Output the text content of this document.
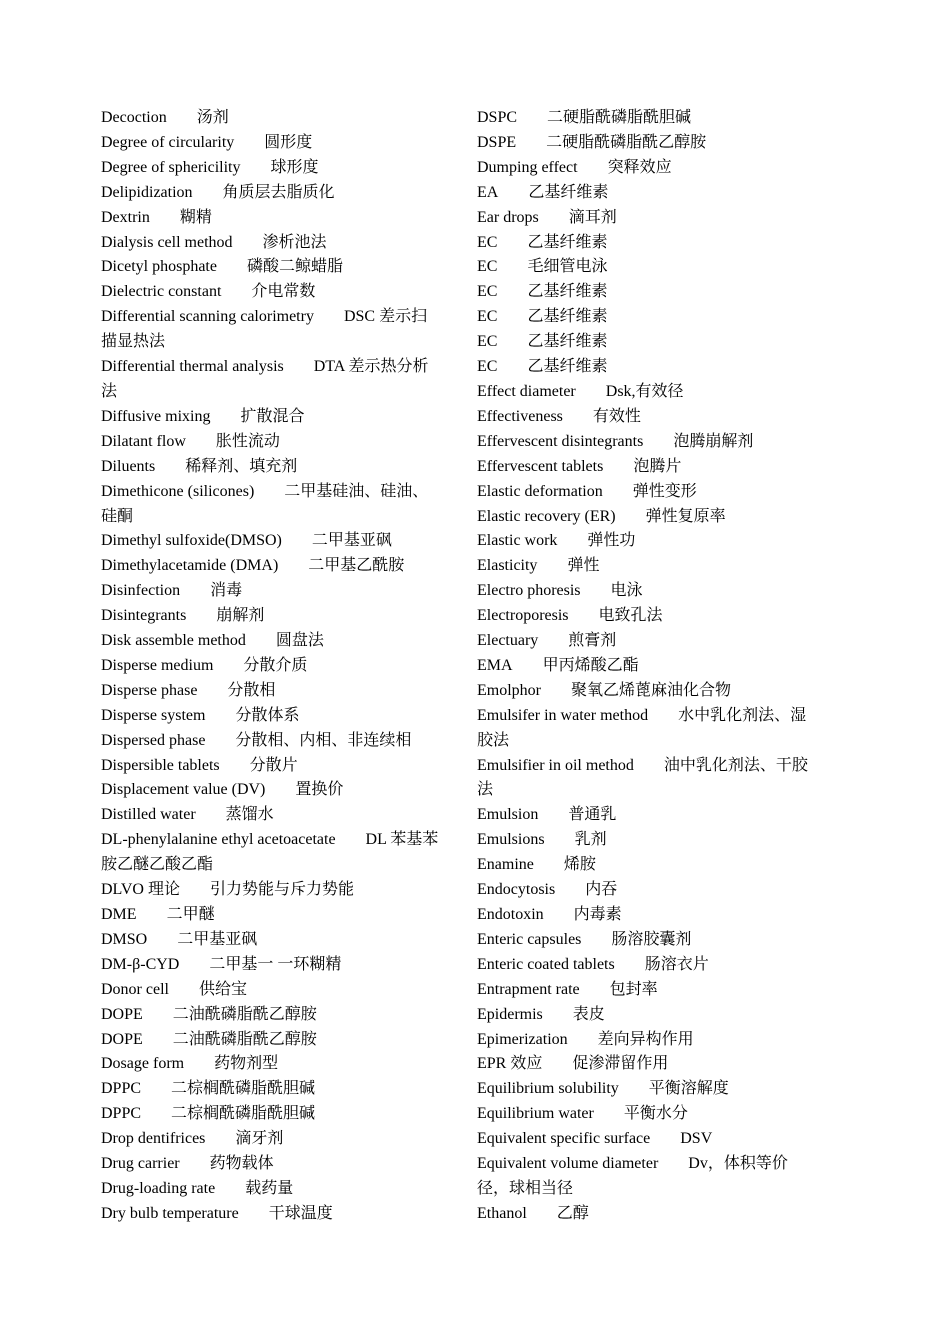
Decoction 汤剂
Degree of circularity 圆形度
Degree of sphericility 球形度
Delipidization 角质层去脂质化
Dextrin 糊精
Dialysis cell method 渗析池法
Dicetyl phosphate 磷酸二鲸蜡脂
Dielectric constant 介电常数
Differential scanning calorimetry DSC 差示扫描显热法
Differential thermal analysis DTA 差示热分析法
Diffusive mixing 扩散混合
Dilatant flow 胀性流动
Diluents 稀释剂、填充剂
Dimethicone (silicones) 二甲基硅油、硅油、硅酮
Dimethyl sulfoxide(DMSO) 二甲基亚砜
Dimethylacetamide (DMA) 二甲基乙酰胺
Disinfection 消毒
Disintegrants 崩解剂
Disk assemble method 圆盘法
Disperse medium 分散介质
Disperse phase 分散相
Disperse system 分散体系
Dispersed phase 分散相、内相、非连续相
Dispersible tablets 分散片
Displacement value (DV) 置换价
Distilled water 蒸馏水
DL-phenylalanine ethyl acetoacetate DL 苯基苯胺乙醚乙酸乙酯
DLVO 理论 引力势能与斥力势能
DME 二甲醚
DMSO 二甲基亚砜
DM-β-CYD 二甲基一 一环糊精
Donor cell 供给宝
DOPE 二油酰磷脂酰乙醇胺
DOPE 二油酰磷脂酰乙醇胺
Dosage form 药物剂型
DPPC 二棕榈酰磷脂酰胆碱
DPPC 二棕榈酰磷脂酰胆碱
Drop dentifrices 滴牙剂
Drug carrier 药物载体
Drug-loading rate 载药量
Dry bulb temperature 干球温度
DSPC 二硬脂酰磷脂酰胆碱
DSPE 二硬脂酰磷脂酰乙醇胺
Dumping effect 突释效应
EA 乙基纤维素
Ear drops 滴耳剂
EC 乙基纤维素
EC 毛细管电泳
EC 乙基纤维素
EC 乙基纤维素
EC 乙基纤维素
EC 乙基纤维素
Effect diameter Dsk,有效径
Effectiveness 有效性
Effervescent disintegrants 泡腾崩解剂
Effervescent tablets 泡腾片
Elastic deformation 弹性变形
Elastic recovery (ER) 弹性复原率
Elastic work 弹性功
Elasticity 弹性
Electro phoresis 电泳
Electroporesis 电致孔法
Electuary 煎膏剂
EMA 甲丙烯酸乙酯
Emolphor 聚氧乙烯蓖麻油化合物
Emulsifer in water method 水中乳化剂法、湿胶法
Emulsifier in oil method 油中乳化剂法、干胶法
Emulsion 普通乳
Emulsions 乳剂
Enamine 烯胺
Endocytosis 内吞
Endotoxin 内毒素
Enteric capsules 肠溶胶囊剂
Enteric coated tablets 肠溶衣片
Entrapment rate 包封率
Epidermis 表皮
Epimerization 差向异构作用
EPR 效应 促渗滞留作用
Equilibrium solubility 平衡溶解度
Equilibrium water 平衡水分
Equivalent specific surface DSV
Equivalent volume diameter Dv，体积等价径，球相当径
Ethanol 乙醇
